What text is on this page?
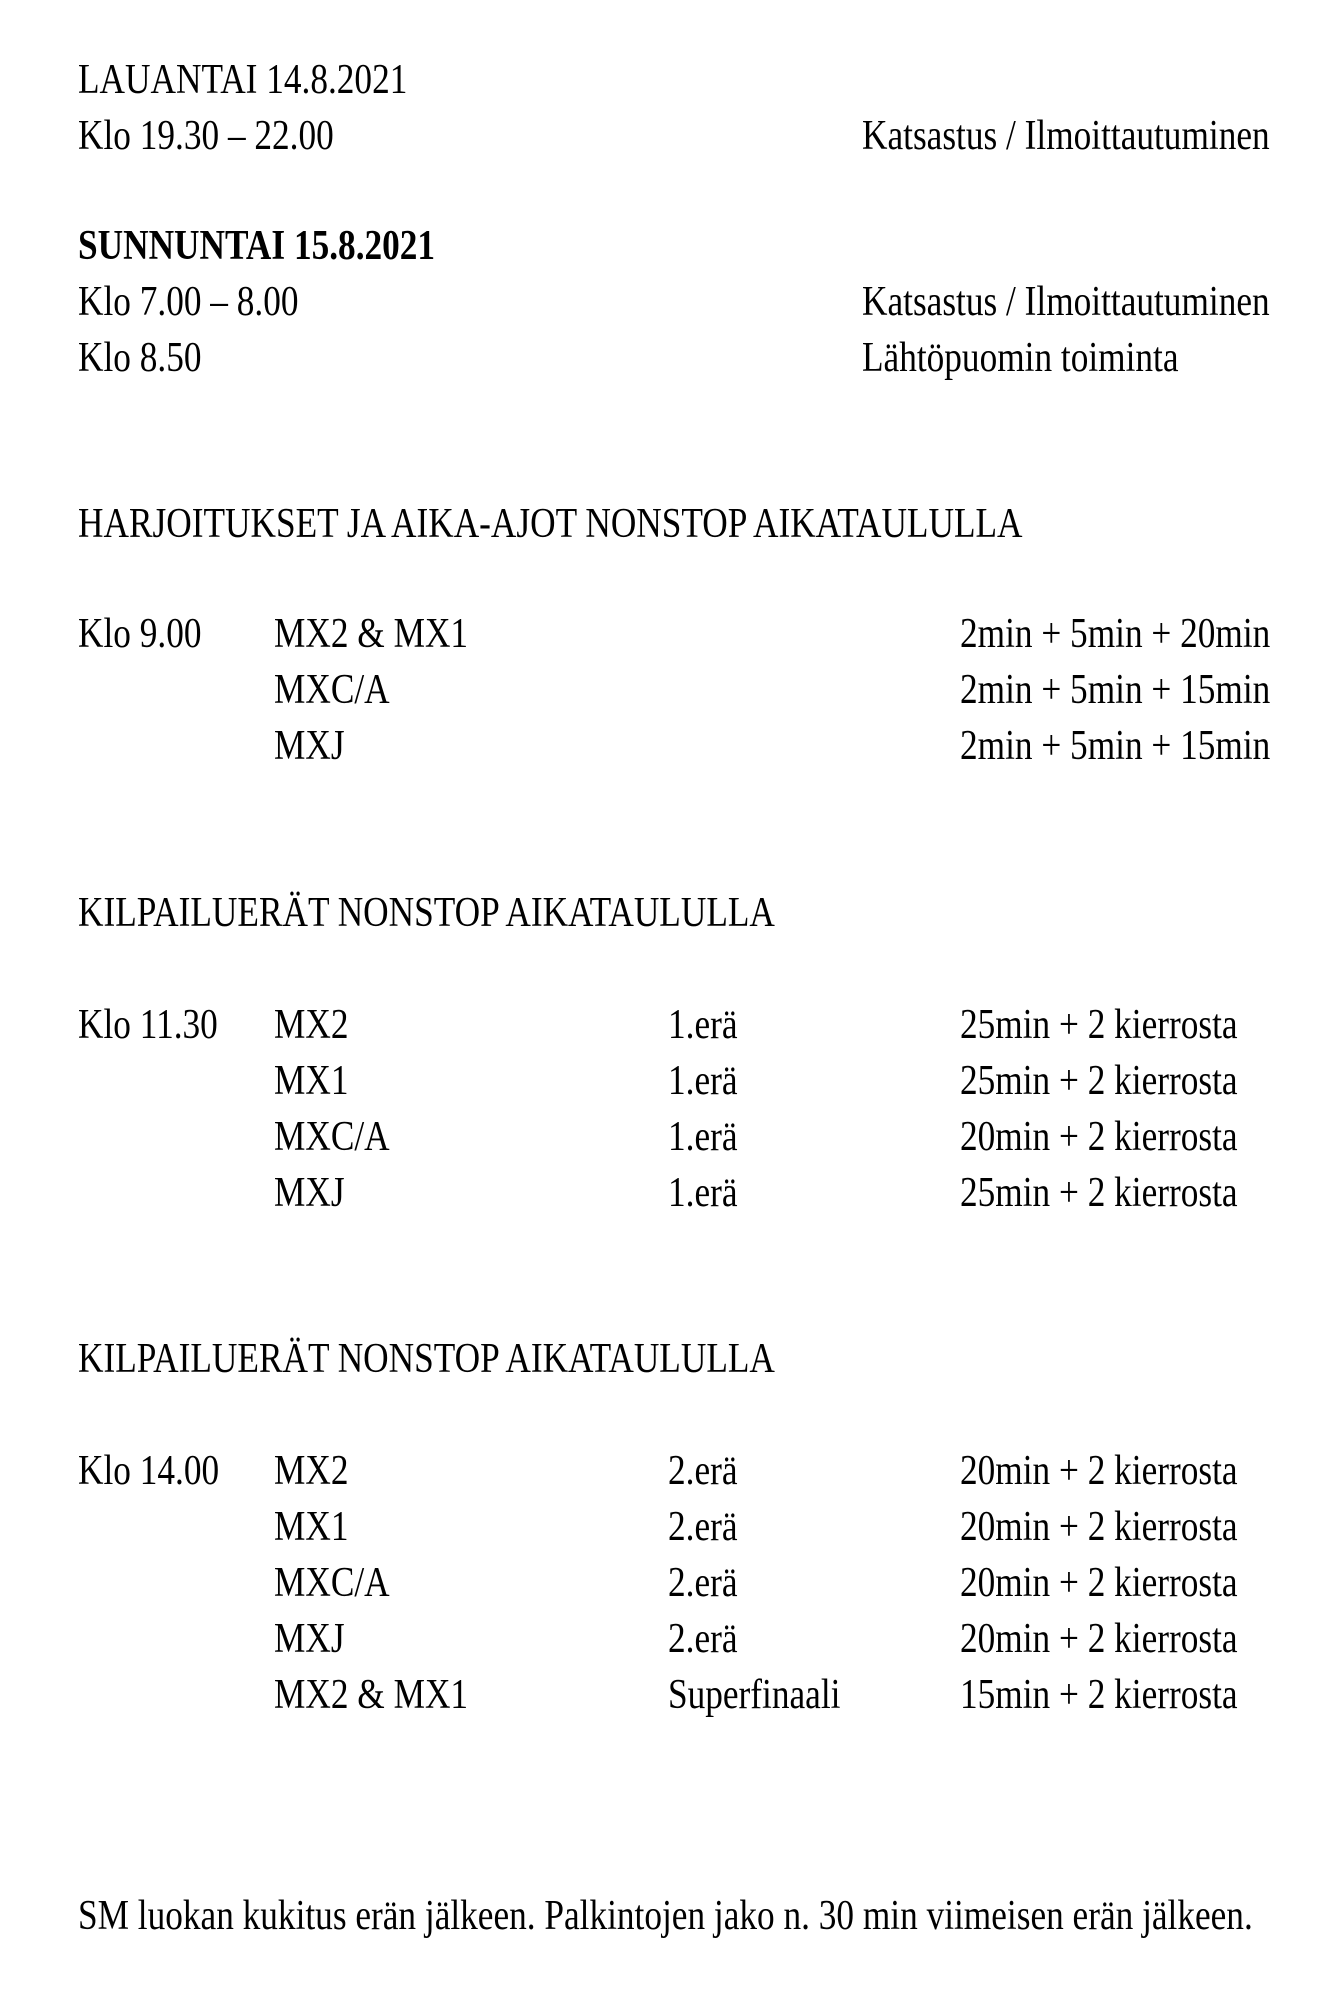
LAUANTAI 14.8.2021
Klo 19.30 – 22.00	Katsastus / Ilmoittautuminen
SUNNUNTAI 15.8.2021
Klo 7.00 – 8.00	Katsastus / Ilmoittautuminen
Klo 8.50	Lähtöpuomin toiminta
HARJOITUKSET JA AIKA-AJOT NONSTOP AIKATAULULLA
Klo 9.00 MX2 & MX1	2min + 5min + 20min
MXC/A	2min + 5min + 15min
MXJ	2min + 5min + 15min
KILPAILUERÄT NONSTOP AIKATAULULLA
Klo 11.30 MX2	1.erä	25min + 2 kierrosta
MX1	1.erä	25min + 2 kierrosta
MXC/A	1.erä	20min + 2 kierrosta
MXJ	1.erä	25min + 2 kierrosta
KILPAILUERÄT NONSTOP AIKATAULULLA
Klo 14.00 MX2	2.erä	20min + 2 kierrosta
MX1	2.erä	20min + 2 kierrosta
MXC/A	2.erä	20min + 2 kierrosta
MXJ	2.erä	20min + 2 kierrosta
MX2 & MX1	Superfinaali	15min + 2 kierrosta
SM luokan kukitus erän jälkeen. Palkintojen jako n. 30 min viimeisen erän jälkeen.
